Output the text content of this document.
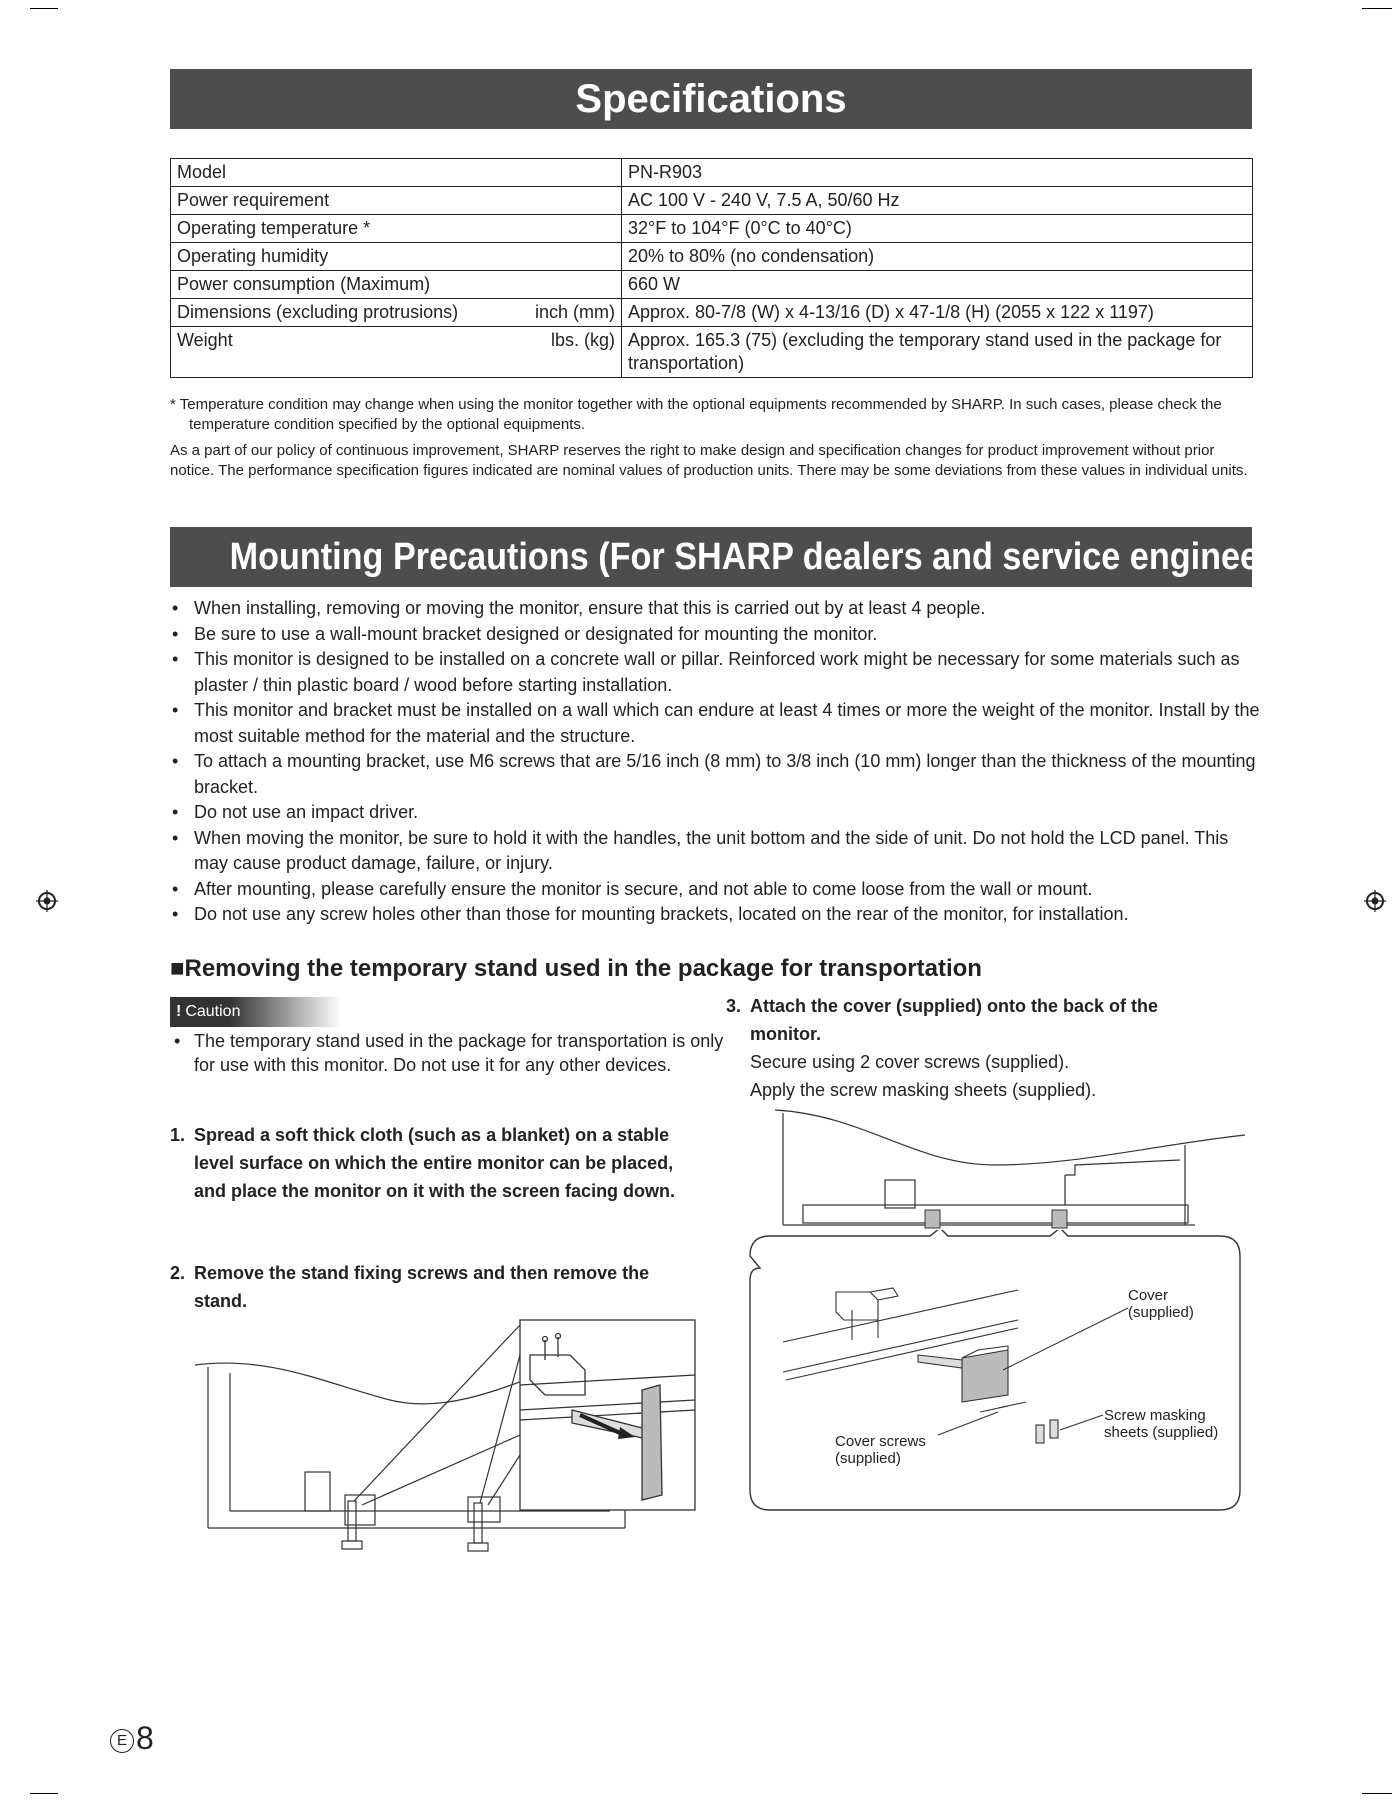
Specifications
Model	PN-R903
Power requirement	AC 100 V - 240 V, 7.5 A, 50/60 Hz
Operating temperature *	32°F to 104°F (0°C to 40°C)
Operating humidity	20% to 80% (no condensation)
Power consumption (Maximum)	660 W
Dimensions (excluding protrusions) inch (mm)	Approx. 80-7/8 (W) x 4-13/16 (D) x 47-1/8 (H) (2055 x 122 x 1197)
Weight lbs. (kg)	Approx. 165.3 (75) (excluding the temporary stand used in the package for transportation)
* Temperature condition may change when using the monitor together with the optional equipments recommended by SHARP. In such cases, please check the temperature condition specified by the optional equipments.
As a part of our policy of continuous improvement, SHARP reserves the right to make design and specification changes for product improvement without prior notice. The performance specification figures indicated are nominal values of production units. There may be some deviations from these values in individual units.
Mounting Precautions (For SHARP dealers and service engineers)
• When installing, removing or moving the monitor, ensure that this is carried out by at least 4 people.
• Be sure to use a wall-mount bracket designed or designated for mounting the monitor.
• This monitor is designed to be installed on a concrete wall or pillar. Reinforced work might be necessary for some materials such as plaster / thin plastic board / wood before starting installation.
• This monitor and bracket must be installed on a wall which can endure at least 4 times or more the weight of the monitor. Install by the most suitable method for the material and the structure.
• To attach a mounting bracket, use M6 screws that are 5/16 inch (8 mm) to 3/8 inch (10 mm) longer than the thickness of the mounting bracket.
• Do not use an impact driver.
• When moving the monitor, be sure to hold it with the handles, the unit bottom and the side of unit. Do not hold the LCD panel. This may cause product damage, failure, or injury.
• After mounting, please carefully ensure the monitor is secure, and not able to come loose from the wall or mount.
• Do not use any screw holes other than those for mounting brackets, located on the rear of the monitor, for installation.
■Removing the temporary stand used in the package for transportation
! Caution
• The temporary stand used in the package for transportation is only for use with this monitor. Do not use it for any other devices.
1. Spread a soft thick cloth (such as a blanket) on a stable level surface on which the entire monitor can be placed, and place the monitor on it with the screen facing down.
2. Remove the stand fixing screws and then remove the stand.
3. Attach the cover (supplied) onto the back of the monitor.
Secure using 2 cover screws (supplied).
Apply the screw masking sheets (supplied).
Cover
(supplied)
Screw masking
sheets (supplied)
Cover screws
(supplied)
E 8
